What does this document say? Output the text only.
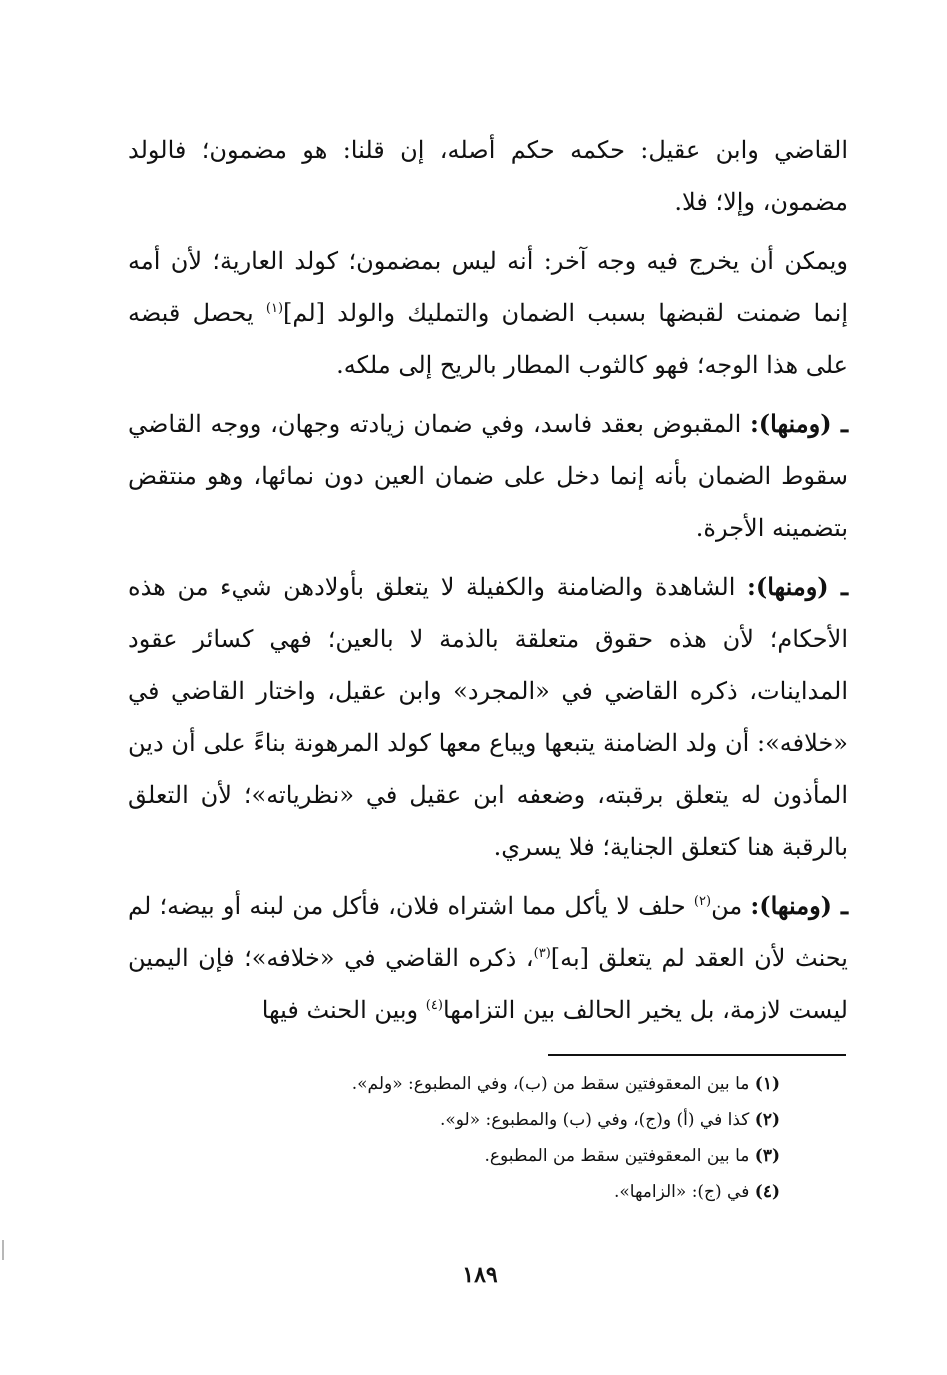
القاضي وابن عقيل: حكمه حكم أصله، إن قلنا: هو مضمون؛ فالولد مضمون، وإلا؛ فلا.

ويمكن أن يخرج فيه وجه آخر: أنه ليس بمضمون؛ كولد العارية؛ لأن أمه إنما ضمنت لقبضها بسبب الضمان والتمليك والولد [لم]$^{(١)}$ يحصل قبضه على هذا الوجه؛ فهو كالثوب المطار بالريح إلى ملكه.

ـ (ومنها): المقبوض بعقد فاسد، وفي ضمان زيادته وجهان، ووجه القاضي سقوط الضمان بأنه إنما دخل على ضمان العين دون نمائها، وهو منتقض بتضمينه الأجرة.

ـ (ومنها): الشاهدة والضامنة والكفيلة لا يتعلق بأولادهن شيء من هذه الأحكام؛ لأن هذه حقوق متعلقة بالذمة لا بالعين؛ فهي كسائر عقود المداينات، ذكره القاضي في «المجرد» وابن عقيل، واختار القاضي في «خلافه»: أن ولد الضامنة يتبعها ويباع معها كولد المرهونة بناءً على أن دين المأذون له يتعلق برقبته، وضعفه ابن عقيل في «نظرياته»؛ لأن التعلق بالرقبة هنا كتعلق الجناية؛ فلا يسري.

ـ (ومنها): من$^{(٢)}$ حلف لا يأكل مما اشتراه فلان، فأكل من لبنه أو بيضه؛ لم يحنث لأن العقد لم يتعلق [به]$^{(٣)}$، ذكره القاضي في «خلافه»؛ فإن اليمين ليست لازمة، بل يخير الحالف بين التزامها$^{(٤)}$ وبين الحنث فيها

(١) ما بين المعقوفتين سقط من (ب)، وفي المطبوع: «ولم».

(٢) كذا في (أ) و(ج)، وفي (ب) والمطبوع: «لو».

(٣) ما بين المعقوفتين سقط من المطبوع.

(٤) في (ج): «الزامها».

١٨٩
